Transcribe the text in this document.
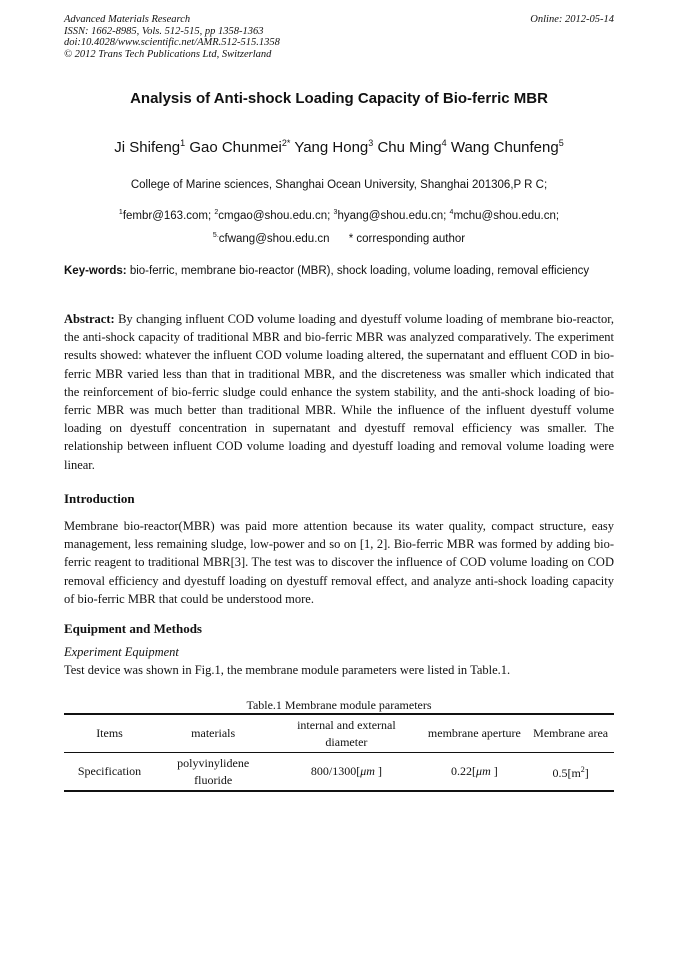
Advanced Materials Research
ISSN: 1662-8985, Vols. 512-515, pp 1358-1363
doi:10.4028/www.scientific.net/AMR.512-515.1358
© 2012 Trans Tech Publications Ltd, Switzerland
Online: 2012-05-14
Analysis of Anti-shock Loading Capacity of Bio-ferric MBR
Ji Shifeng$^1$ Gao Chunmei$^{2*}$ Yang Hong$^3$ Chu Ming$^4$ Wang Chunfeng$^5$
College of Marine sciences, Shanghai Ocean University, Shanghai 201306,P R C;
$^1$fembr@163.com; $^2$cmgao@shou.edu.cn; $^3$hyang@shou.edu.cn; $^4$mchu@shou.edu.cn;
$^{5.}$cfwang@shou.edu.cn * corresponding author
Key-words: bio-ferric, membrane bio-reactor (MBR), shock loading, volume loading, removal efficiency
Abstract: By changing influent COD volume loading and dyestuff volume loading of membrane bio-reactor, the anti-shock capacity of traditional MBR and bio-ferric MBR was analyzed comparatively. The experiment results showed: whatever the influent COD volume loading altered, the supernatant and effluent COD in bio-ferric MBR varied less than that in traditional MBR, and the discreteness was smaller which indicated that the reinforcement of bio-ferric sludge could enhance the system stability, and the anti-shock loading of bio-ferric MBR was much better than traditional MBR. While the influence of the influent dyestuff volume loading on dyestuff concentration in supernatant and dyestuff removal efficiency was smaller. The relationship between influent COD volume loading and dyestuff loading and removal volume loading were linear.
Introduction
Membrane bio-reactor(MBR) was paid more attention because its water quality, compact structure, easy management, less remaining sludge, low-power and so on [1, 2]. Bio-ferric MBR was formed by adding bio-ferric reagent to traditional MBR[3]. The test was to discover the influence of COD volume loading on COD removal efficiency and dyestuff loading on dyestuff removal effect, and analyze anti-shock loading capacity of bio-ferric MBR that could be understood more.
Equipment and Methods
Experiment Equipment
Test device was shown in Fig.1, the membrane module parameters were listed in Table.1.
Table.1 Membrane module parameters
Items	materials	internal and external diameter	membrane aperture	Membrane area
Specification	polyvinylidene fluoride	800/1300[μm ]	0.22[μm ]	$0.5[m^2]$
